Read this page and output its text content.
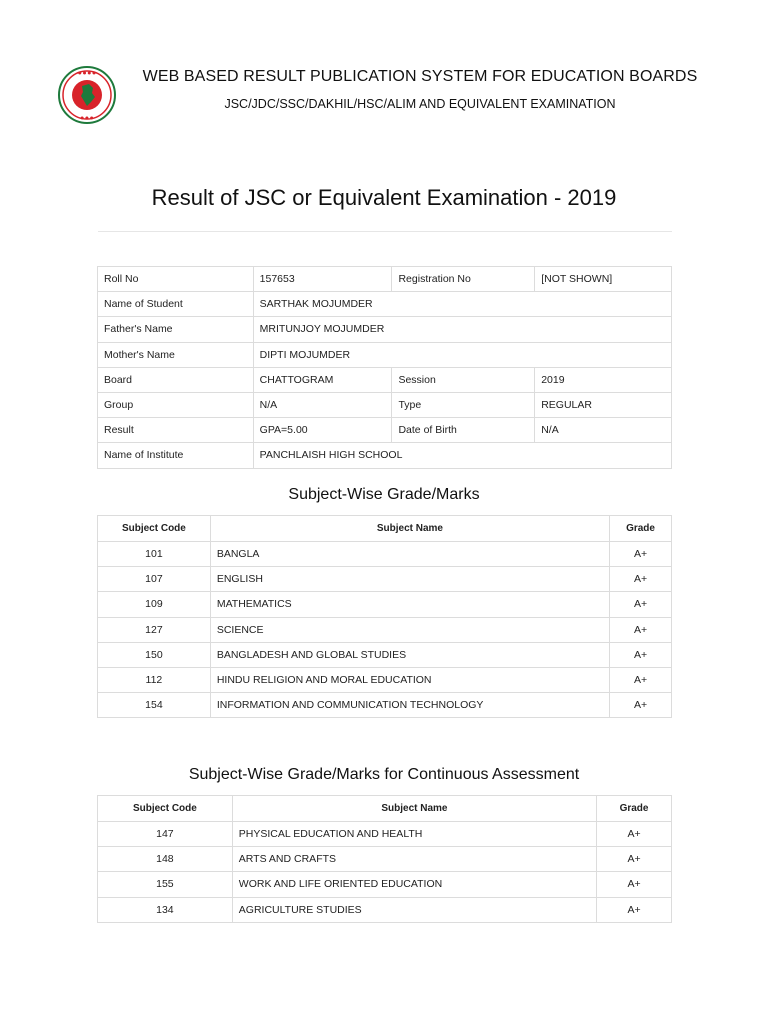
● ● ● ●
● ● ●
WEB BASED RESULT PUBLICATION SYSTEM FOR EDUCATION BOARDS
JSC/JDC/SSC/DAKHIL/HSC/ALIM AND EQUIVALENT EXAMINATION
Result of JSC or Equivalent Examination - 2019
Roll No	157653	Registration No	[NOT SHOWN]
Name of Student	SARTHAK MOJUMDER		
Father's Name	MRITUNJOY MOJUMDER		
Mother's Name	DIPTI MOJUMDER		
Board	CHATTOGRAM	Session	2019
Group	N/A	Type	REGULAR
Result	GPA=5.00	Date of Birth	N/A
Name of Institute	PANCHLAISH HIGH SCHOOL		
Subject-Wise Grade/Marks
Subject Code	Subject Name	Grade
101	BANGLA	A+
107	ENGLISH	A+
109	MATHEMATICS	A+
127	SCIENCE	A+
150	BANGLADESH AND GLOBAL STUDIES	A+
112	HINDU RELIGION AND MORAL EDUCATION	A+
154	INFORMATION AND COMMUNICATION TECHNOLOGY	A+
Subject-Wise Grade/Marks for Continuous Assessment
Subject Code	Subject Name	Grade
147	PHYSICAL EDUCATION AND HEALTH	A+
148	ARTS AND CRAFTS	A+
155	WORK AND LIFE ORIENTED EDUCATION	A+
134	AGRICULTURE STUDIES	A+
